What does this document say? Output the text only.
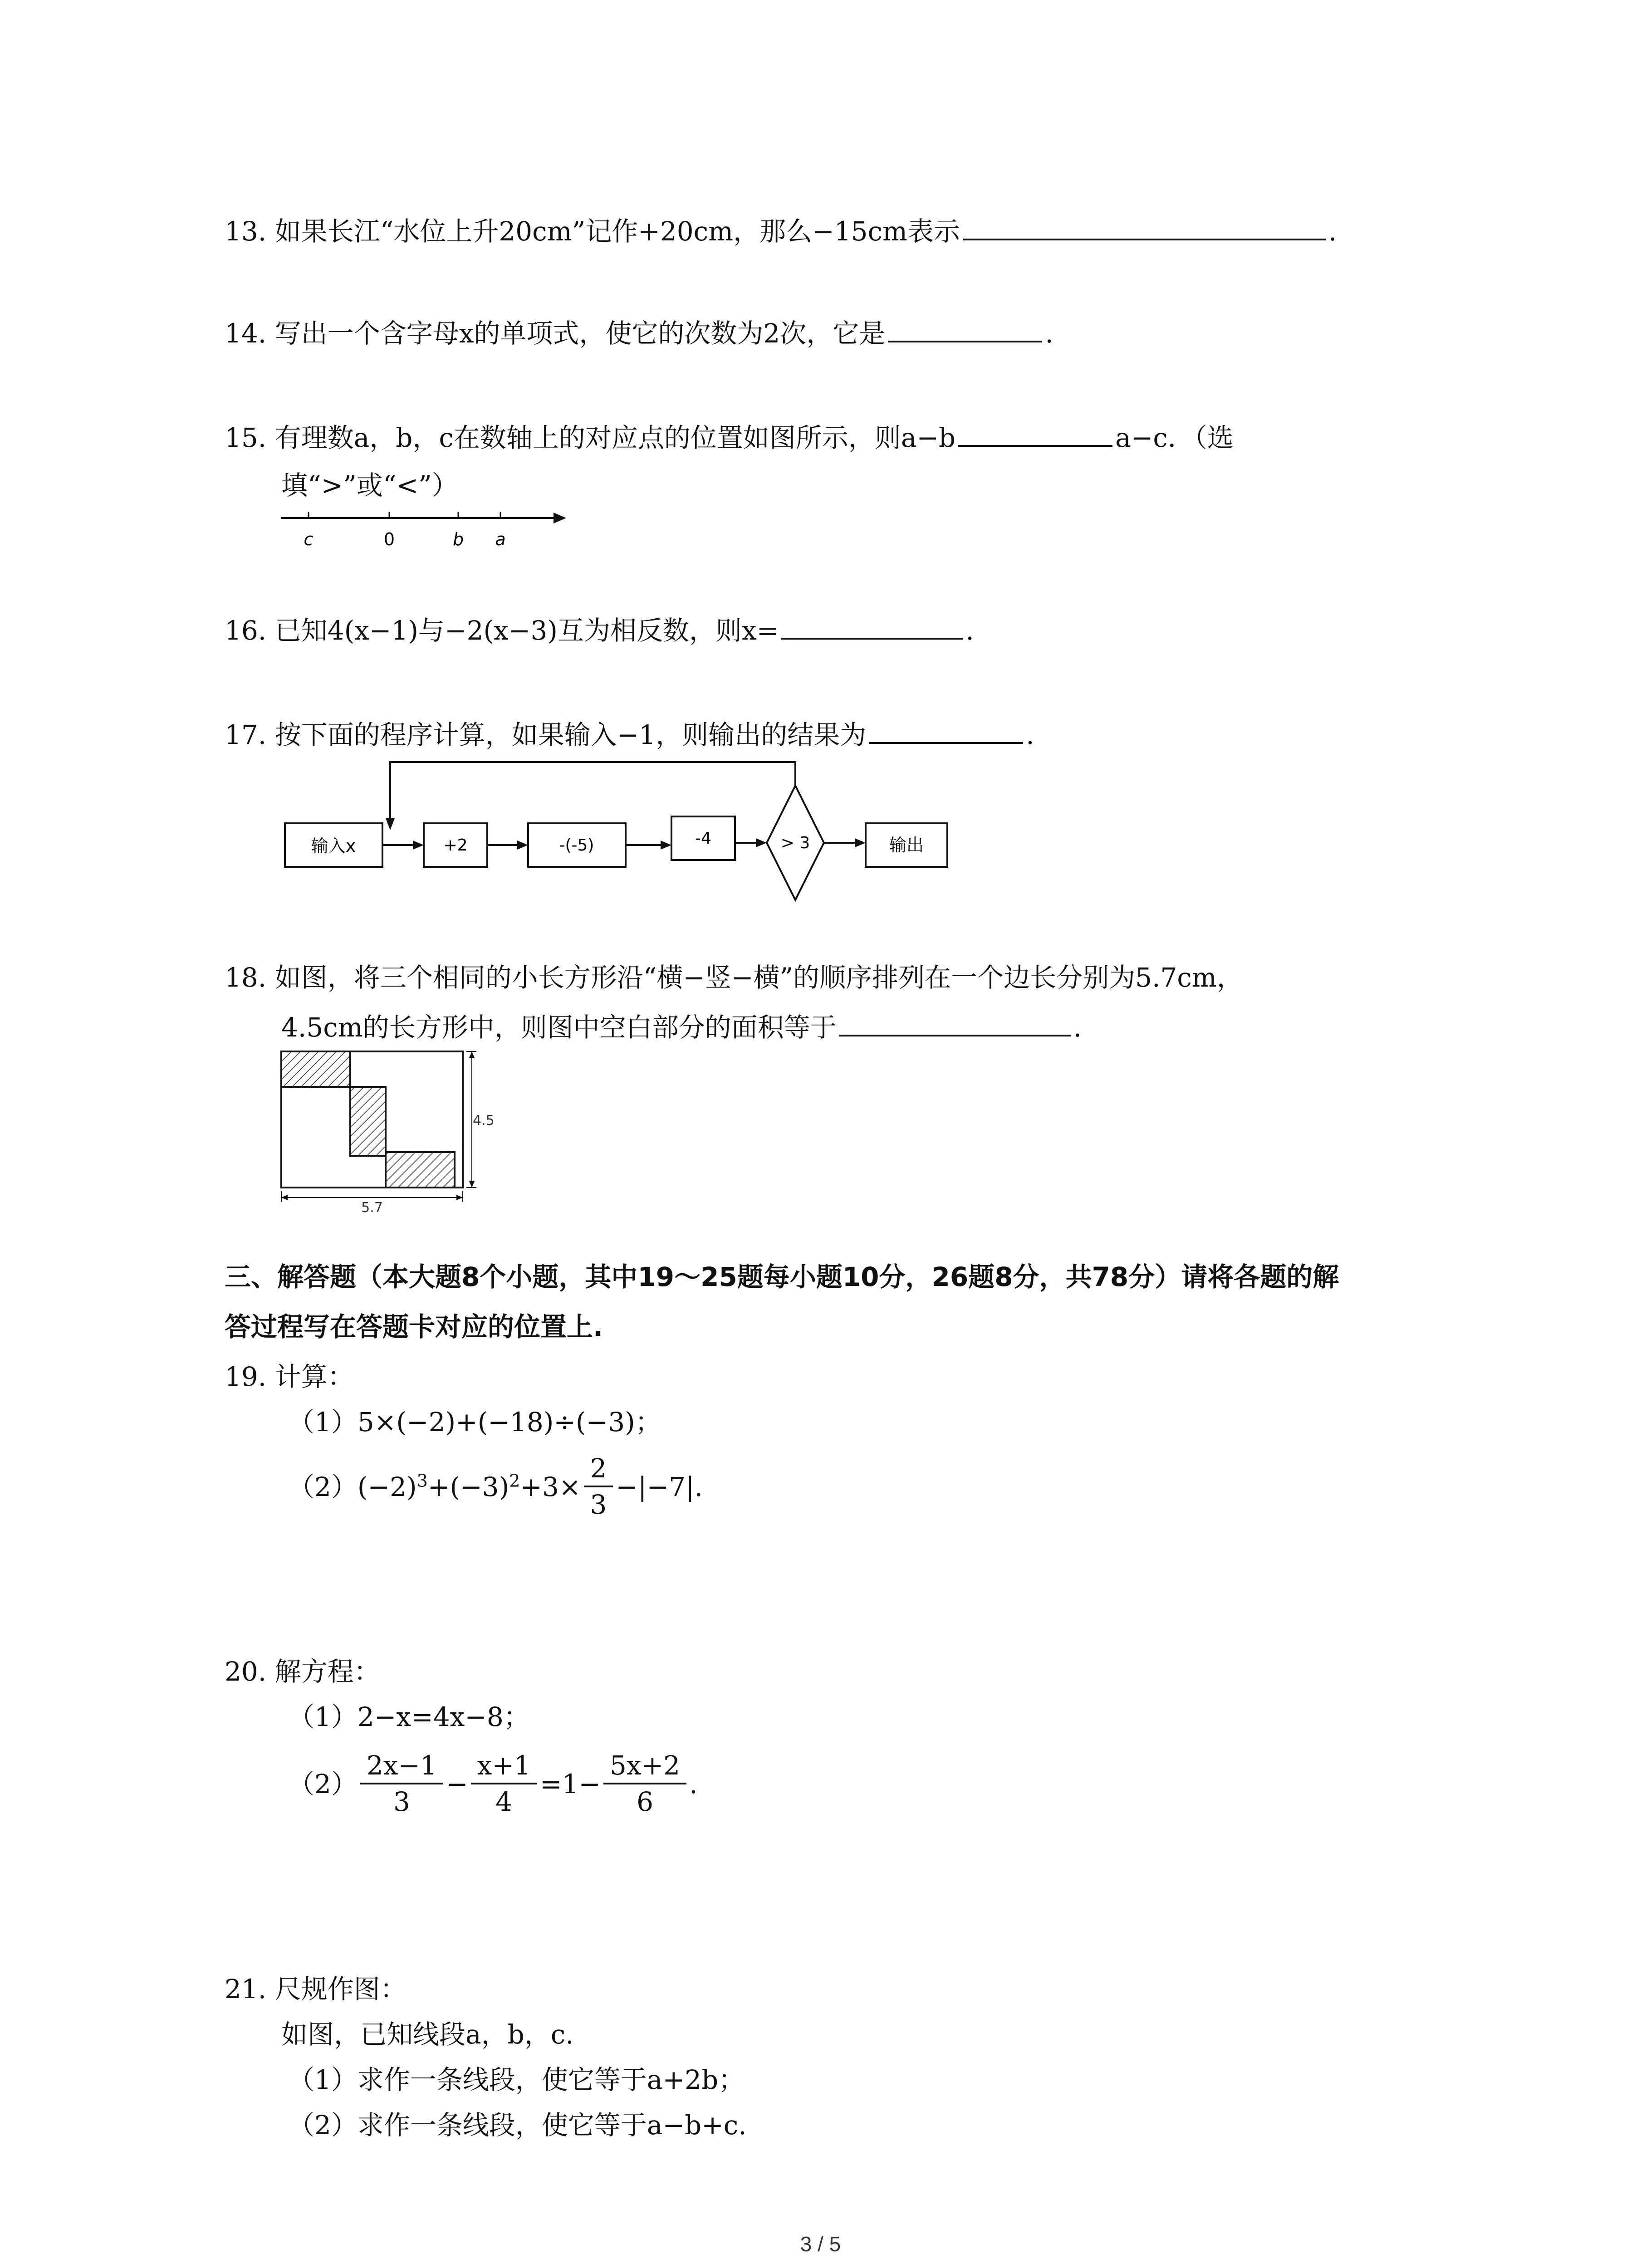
13. 如果长江“水位上升20cm”记作+20cm，那么−15cm表示	.
14. 写出一个含字母x的单项式，使它的次数为2次，它是	.
15. 有理数a，b，c在数轴上的对应点的位置如图所示，则a−b	a−c．（选
填“>”或“<”）
c	0	b a
16. 已知4(x−1)与−2(x−3)互为相反数，则x=	.
17. 按下面的程序计算，如果输入−1，则输出的结果为	.
输入x	+2	-(-5)	-4	> 3	输出
18. 如图，将三个相同的小长方形沿“横−竖−横”的顺序排列在一个边长分别为5.7cm，
4.5cm的长方形中，则图中空白部分的面积等于	.
4.5
5.7
三、解答题（本大题8个小题，其中19～25题每小题10分，26题8分，共78分）请将各题的解
答过程写在答题卡对应的位置上.
19. 计算：
（1）5×(−2)+(−18)÷(−3)；
$(2)(-2)^3+(-3)^2+3\times \frac{2}{3} -|-7|$.
20. 解方程：
（1）2−x=4x−8；
$(2) \frac{2x-1}{3} - \frac{x+1}{4} =1- \frac{5x+2}{6}$ .
21. 尺规作图：
如图，已知线段a，b，c.
（1）求作一条线段，使它等于a+2b；
（2）求作一条线段，使它等于a−b+c.
3 / 5
